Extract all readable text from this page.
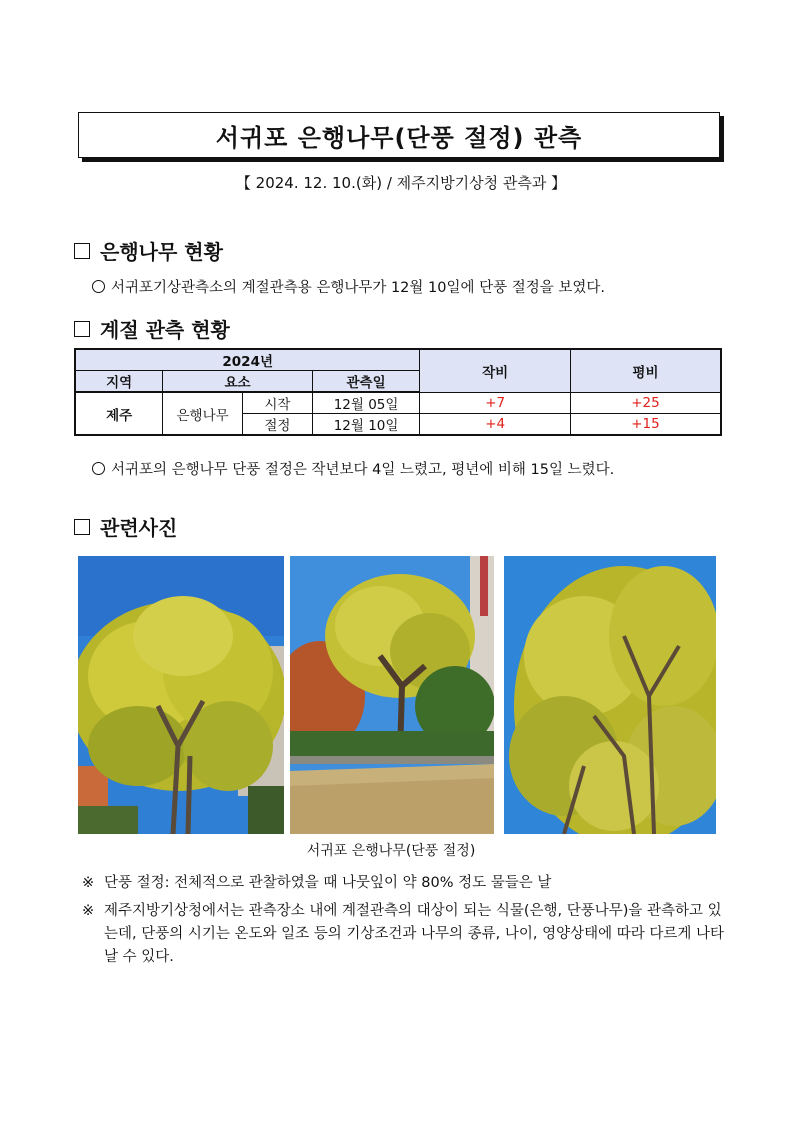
서귀포 은행나무(단풍 절정) 관측
【 2024. 12. 10.(화) / 제주지방기상청 관측과 】
은행나무 현황
서귀포기상관측소의 계절관측용 은행나무가 12월 10일에 단풍 절정을 보였다.
계절 관측 현황
2024년				작비	평비
지역	요소		관측일		
제주	은행나무	시작	12월 05일	+7	+25
		절정	12월 10일	+4	+15
서귀포의 은행나무 단풍 절정은 작년보다 4일 느렸고, 평년에 비해 15일 느렸다.
관련사진
서귀포 은행나무(단풍 절정)
※ 단풍 절정: 전체적으로 관찰하였을 때 나뭇잎이 약 80% 정도 물들은 날
※ 제주지방기상청에서는 관측장소 내에 계절관측의 대상이 되는 식물(은행, 단풍나무)을 관측하고 있는데, 단풍의 시기는 온도와 일조 등의 기상조건과 나무의 종류, 나이, 영양상태에 따라 다르게 나타날 수 있다.
